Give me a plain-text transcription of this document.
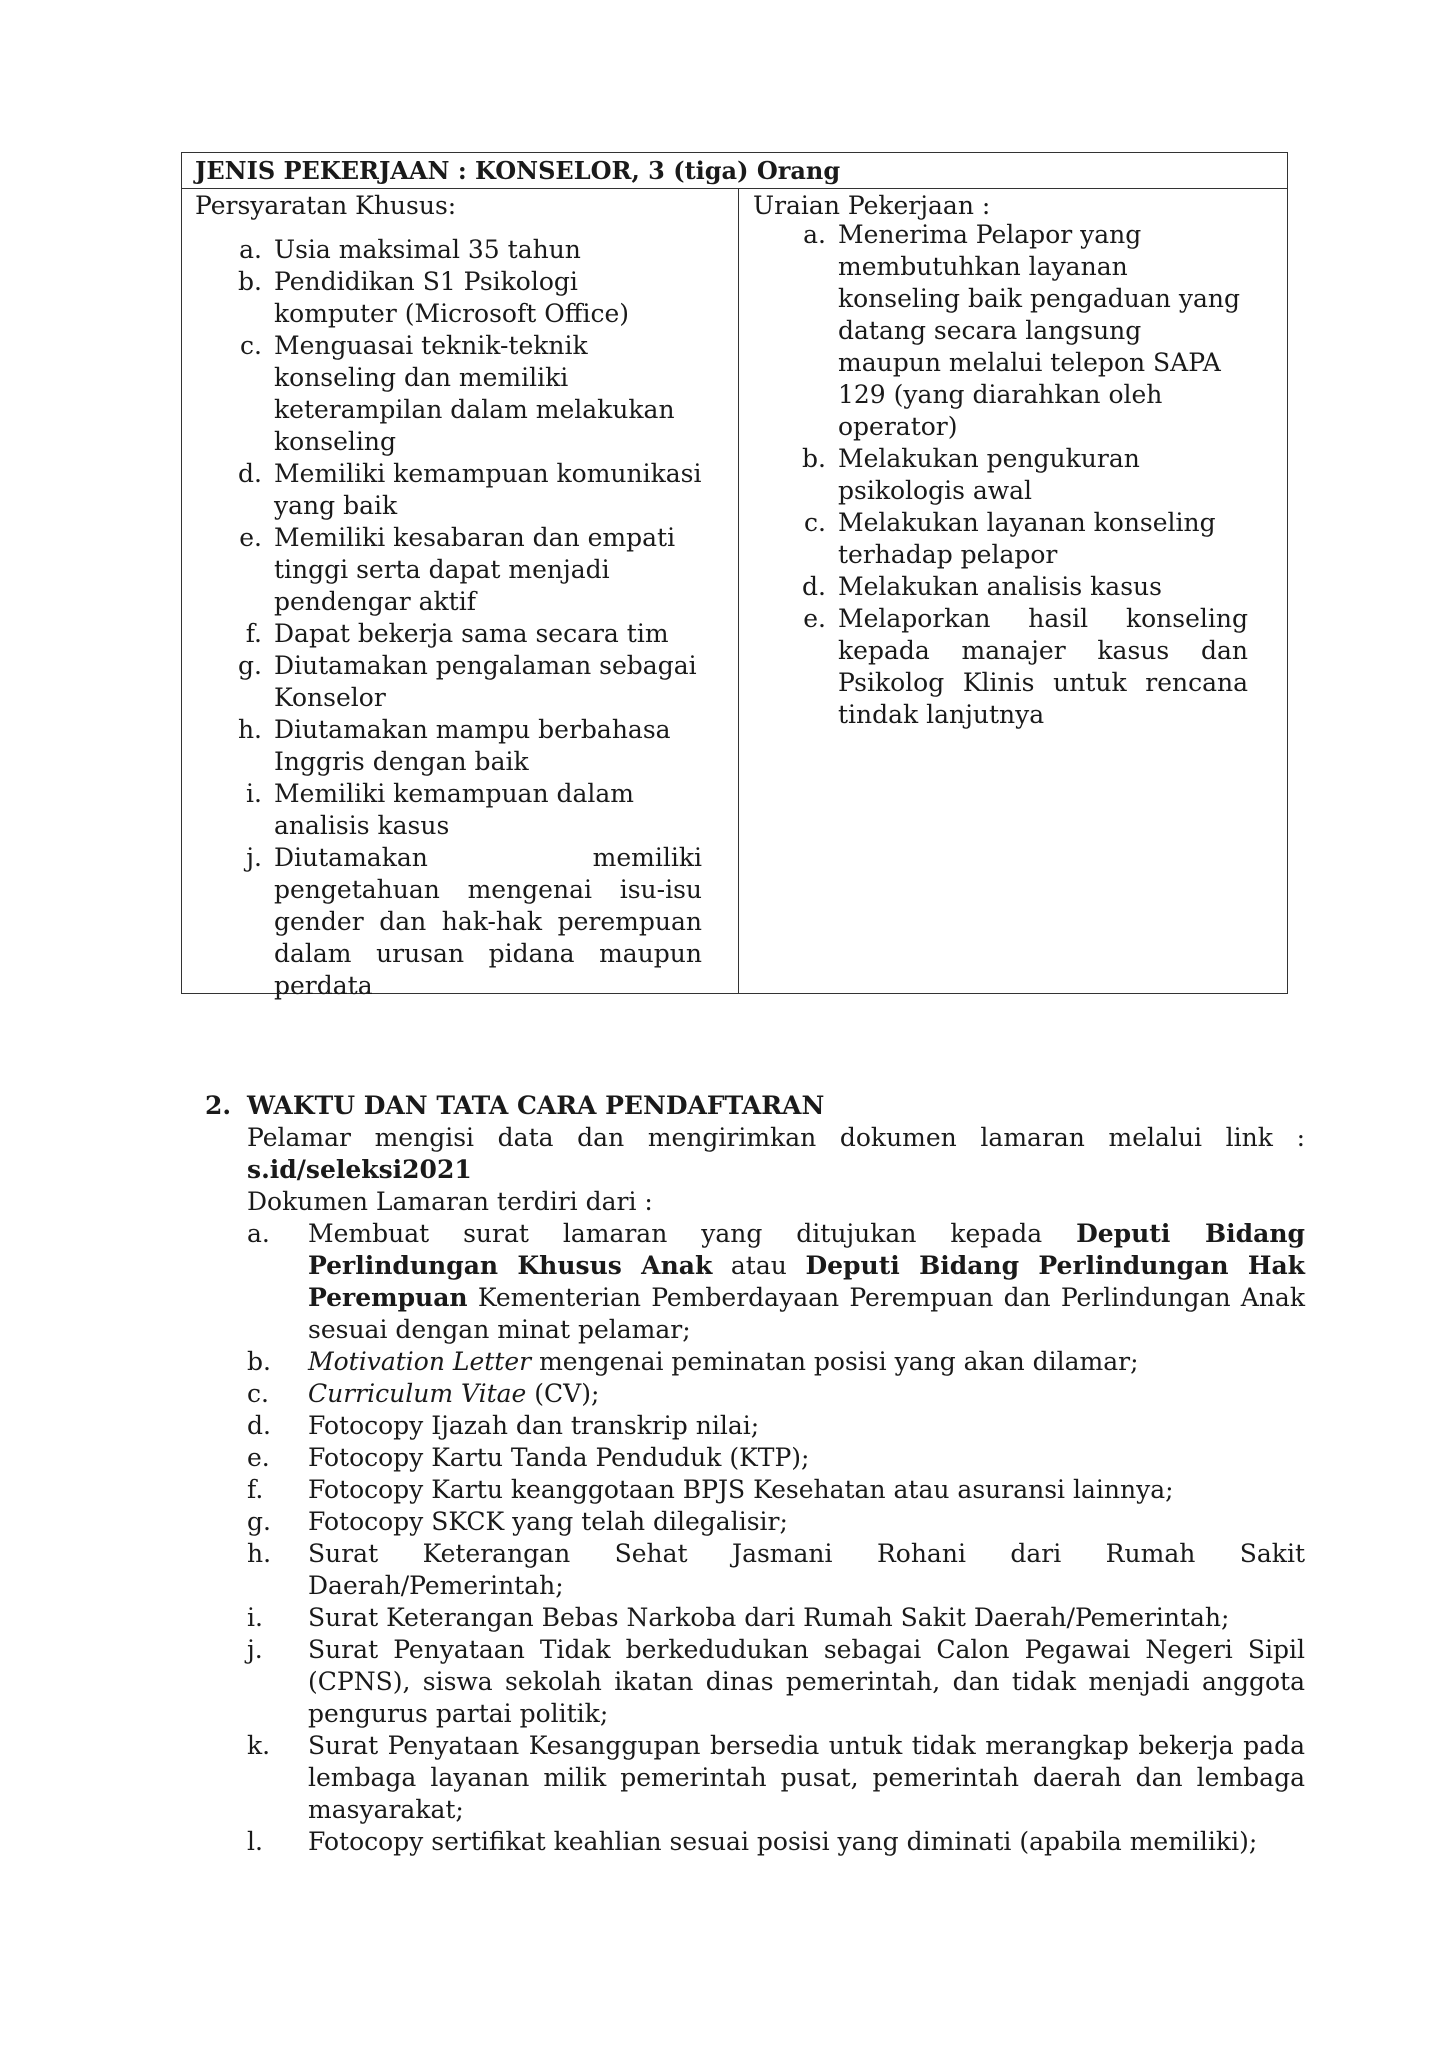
JENIS PEKERJAAN : KONSELOR, 3 (tiga) Orang
Persyaratan Khusus:
a. Usia maksimal 35 tahun
b. Pendidikan S1 Psikologi komputer (Microsoft Office)
c. Menguasai teknik-teknik konseling dan memiliki keterampilan dalam melakukan konseling
d. Memiliki kemampuan komunikasi yang baik
e. Memiliki kesabaran dan empati tinggi serta dapat menjadi pendengar aktif
f. Dapat bekerja sama secara tim
g. Diutamakan pengalaman sebagai Konselor
h. Diutamakan mampu berbahasa Inggris dengan baik
i. Memiliki kemampuan dalam analisis kasus
j. Diutamakan memiliki pengetahuan mengenai isu-isu gender dan hak-hak perempuan dalam urusan pidana maupun perdata
Uraian Pekerjaan :
a. Menerima Pelapor yang membutuhkan layanan konseling baik pengaduan yang datang secara langsung maupun melalui telepon SAPA 129 (yang diarahkan oleh operator)
b. Melakukan pengukuran psikologis awal
c. Melakukan layanan konseling terhadap pelapor
d. Melakukan analisis kasus
e. Melaporkan hasil konseling kepada manajer kasus dan Psikolog Klinis untuk rencana tindak lanjutnya
2. WAKTU DAN TATA CARA PENDAFTARAN
Pelamar mengisi data dan mengirimkan dokumen lamaran melalui link :
s.id/seleksi2021
Dokumen Lamaran terdiri dari :
a. Membuat surat lamaran yang ditujukan kepada Deputi Bidang Perlindungan Khusus Anak atau Deputi Bidang Perlindungan Hak Perempuan Kementerian Pemberdayaan Perempuan dan Perlindungan Anak sesuai dengan minat pelamar;
b. Motivation Letter mengenai peminatan posisi yang akan dilamar;
c. Curriculum Vitae (CV);
d. Fotocopy Ijazah dan transkrip nilai;
e. Fotocopy Kartu Tanda Penduduk (KTP);
f. Fotocopy Kartu keanggotaan BPJS Kesehatan atau asuransi lainnya;
g. Fotocopy SKCK yang telah dilegalisir;
h. Surat Keterangan Sehat Jasmani Rohani dari Rumah Sakit Daerah/Pemerintah;
i. Surat Keterangan Bebas Narkoba dari Rumah Sakit Daerah/Pemerintah;
j. Surat Penyataan Tidak berkedudukan sebagai Calon Pegawai Negeri Sipil (CPNS), siswa sekolah ikatan dinas pemerintah, dan tidak menjadi anggota pengurus partai politik;
k. Surat Penyataan Kesanggupan bersedia untuk tidak merangkap bekerja pada lembaga layanan milik pemerintah pusat, pemerintah daerah dan lembaga masyarakat;
l. Fotocopy sertifikat keahlian sesuai posisi yang diminati (apabila memiliki);
